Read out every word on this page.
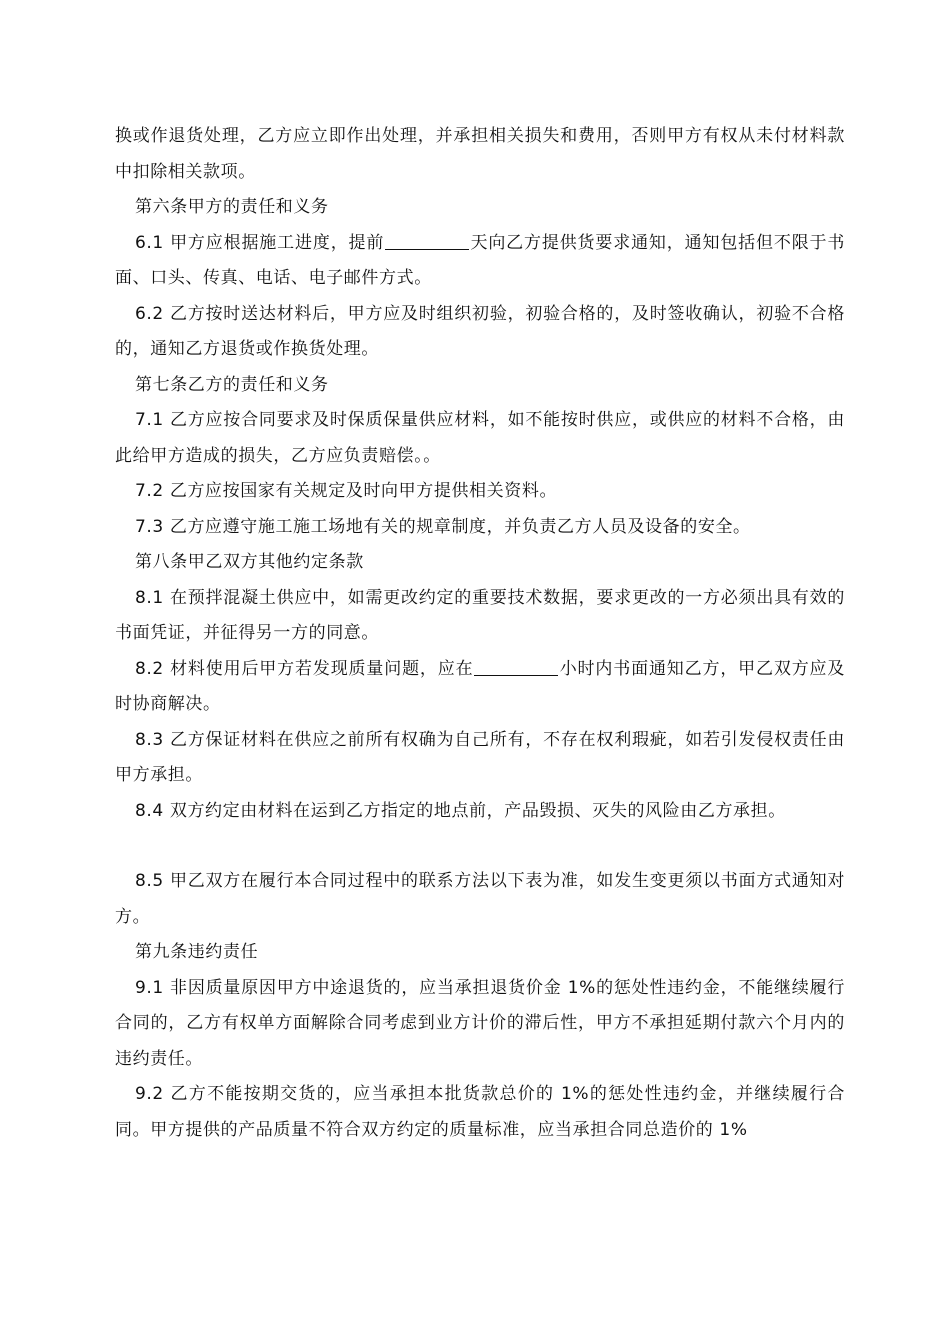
换或作退货处理，乙方应立即作出处理，并承担相关损失和费用，否则甲方有权从未付材料款中扣除相关款项。

第六条甲方的责任和义务

6.1 甲方应根据施工进度，提前	天向乙方提供货要求通知，通知包括但不限于书面、口头、传真、电话、电子邮件方式。

6.2 乙方按时送达材料后，甲方应及时组织初验，初验合格的，及时签收确认，初验不合格的，通知乙方退货或作换货处理。

第七条乙方的责任和义务

7.1 乙方应按合同要求及时保质保量供应材料，如不能按时供应，或供应的材料不合格，由此给甲方造成的损失，乙方应负责赔偿。。

7.2 乙方应按国家有关规定及时向甲方提供相关资料。

7.3 乙方应遵守施工施工场地有关的规章制度，并负责乙方人员及设备的安全。

第八条甲乙双方其他约定条款

8.1 在预拌混凝土供应中，如需更改约定的重要技术数据，要求更改的一方必须出具有效的书面凭证，并征得另一方的同意。

8.2 材料使用后甲方若发现质量问题，应在	小时内书面通知乙方，甲乙双方应及时协商解决。

8.3 乙方保证材料在供应之前所有权确为自己所有，不存在权利瑕疵，如若引发侵权责任由甲方承担。

8.4 双方约定由材料在运到乙方指定的地点前，产品毁损、灭失的风险由乙方承担。

8.5 甲乙双方在履行本合同过程中的联系方法以下表为准，如发生变更须以书面方式通知对方。

第九条违约责任

9.1 非因质量原因甲方中途退货的，应当承担退货价金 1%的惩处性违约金，不能继续履行合同的，乙方有权单方面解除合同考虑到业方计价的滞后性，甲方不承担延期付款六个月内的违约责任。

9.2 乙方不能按期交货的，应当承担本批货款总价的 1%的惩处性违约金，并继续履行合同。甲方提供的产品质量不符合双方约定的质量标准，应当承担合同总造价的 1%
